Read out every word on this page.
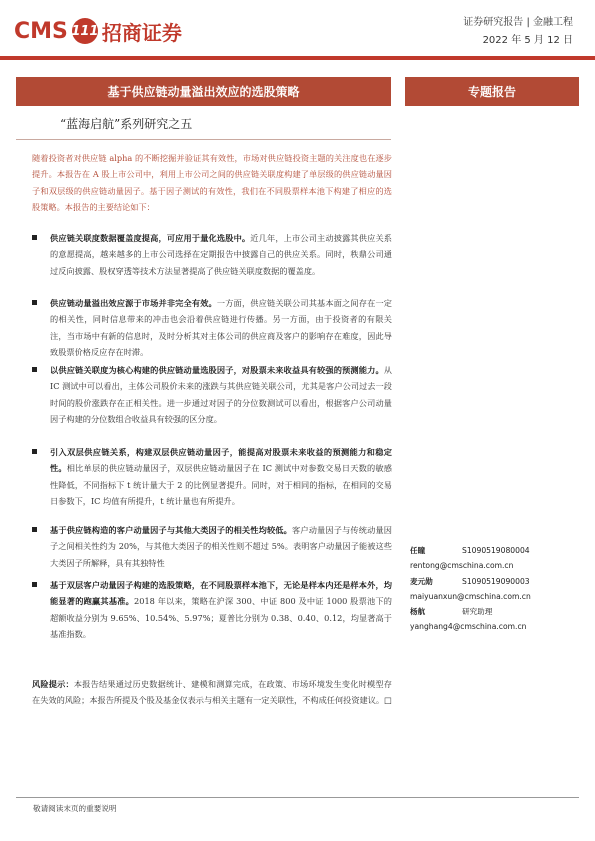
CMS 111 招商证券	证券研究报告 | 金融工程
2022 年 5 月 12 日
基于供应链动量溢出效应的选股策略	专题报告
“蓝海启航”系列研究之五
随着投资者对供应链 alpha 的不断挖掘并验证其有效性，市场对供应链投资主题的关注度也在逐步提升。本报告在 A 股上市公司中，利用上市公司之间的供应链关联度构建了单层级的供应链动量因子和双层级的供应链动量因子。基于因子测试的有效性，我们在不同股票样本池下构建了相应的选股策略。本报告的主要结论如下：
供应链关联度数据覆盖度提高，可应用于量化选股中。近几年，上市公司主动披露其供应关系的意愿提高，越来越多的上市公司选择在定期报告中披露自己的供应关系。同时，秩鼎公司通过反向披露、股权穿透等技术方法显著提高了供应链关联度数据的覆盖度。
供应链动量溢出效应源于市场并非完全有效。一方面，供应链关联公司其基本面之间存在一定的相关性，同时信息带来的冲击也会沿着供应链进行传播。另一方面，由于投资者的有限关注，当市场中有新的信息时，及时分析其对主体公司的供应商及客户的影响存在难度，因此导致股票价格反应存在时滞。
以供应链关联度为核心构建的供应链动量选股因子，对股票未来收益具有较强的预测能力。从 IC 测试中可以看出，主体公司股价未来的涨跌与其供应链关联公司，尤其是客户公司过去一段时间的股价涨跌存在正相关性。进一步通过对因子的分位数测试可以看出，根据客户公司动量因子构建的分位数组合收益具有较强的区分度。
引入双层供应链关系，构建双层供应链动量因子，能提高对股票未来收益的预测能力和稳定性。相比单层的供应链动量因子，双层供应链动量因子在 IC 测试中对参数交易日天数的敏感性降低，不同指标下 t 统计量大于 2 的比例显著提升。同时，对于相同的指标，在相同的交易日参数下，IC 均值有所提升，t 统计量也有所提升。
基于供应链构造的客户动量因子与其他大类因子的相关性均较低。客户动量因子与传统动量因子之间相关性约为 20%，与其他大类因子的相关性则不超过 5%。表明客户动量因子能被这些大类因子所解释，具有其独特性
基于双层客户动量因子构建的选股策略，在不同股票样本池下，无论是样本内还是样本外，均能显著的跑赢其基准。2018 年以来，策略在沪深 300、中证 800 及中证 1000 股票池下的超额收益分别为 9.65%、10.54%、5.97%；夏普比分别为 0.38、0.40、0.12，均显著高于基准指数。
任瞳	S1090519080004
rentong@cmschina.com.cn
麦元勋	S1090519090003
maiyuanxun@cmschina.com.cn
杨航	研究助理
yanghang4@cmschina.com.cn
风险提示：本报告结果通过历史数据统计、建模和测算完成，在政策、市场环境发生变化时模型存在失效的风险；本报告所提及个股及基金仅表示与相关主题有一定关联性，不构成任何投资建议。□
敬请阅读末页的重要说明
